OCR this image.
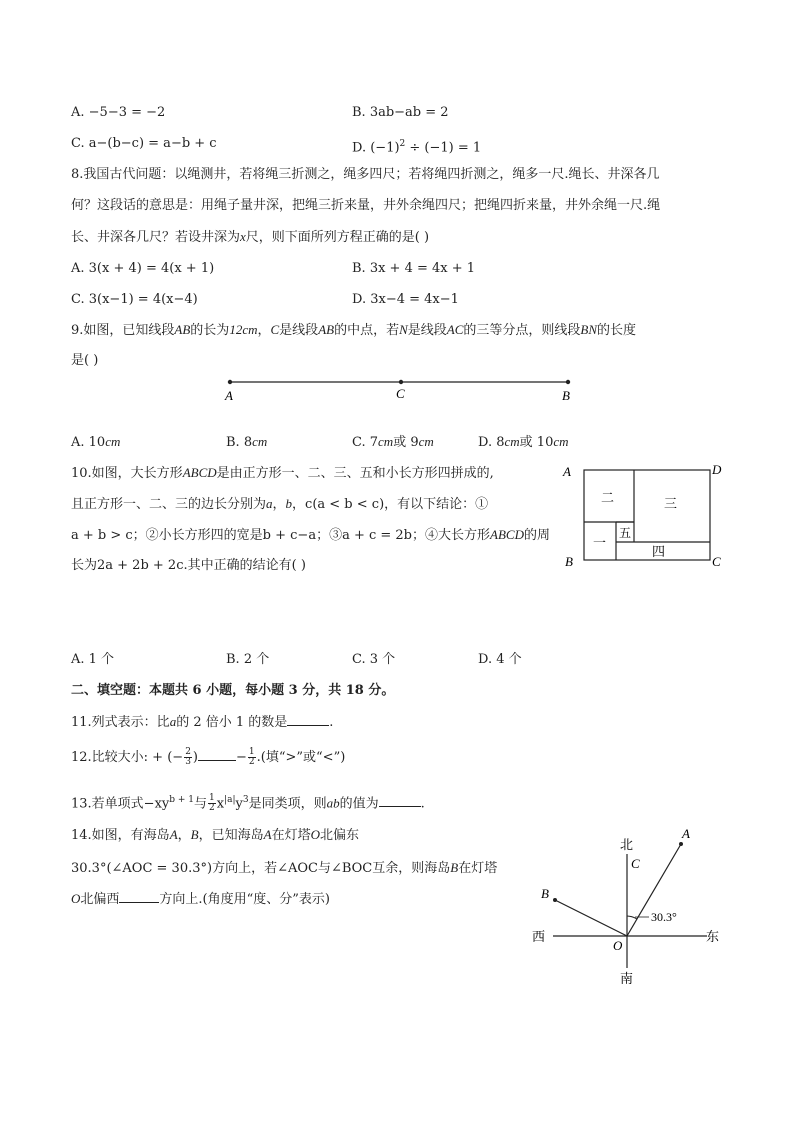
A. −5−3 = −2	B. 3ab−ab = 2
C. a−(b−c) = a−b + c	D. $(-1)^2 \div (-1) = 1$
8.我国古代问题：以绳测井，若将绳三折测之，绳多四尺；若将绳四折测之，绳多一尺.绳长、井深各几
何？这段话的意思是：用绳子量井深，把绳三折来量，井外余绳四尺；把绳四折来量，井外余绳一尺.绳
长、井深各几尺？若设井深为x尺，则下面所列方程正确的是( )
A. 3(x + 4) = 4(x + 1)	B. 3x + 4 = 4x + 1
C. 3(x−1) = 4(x−4)	D. 3x−4 = 4x−1
9.如图，已知线段AB的长为12cm，C是线段AB的中点，若N是线段AC的三等分点，则线段BN的长度
是( )
A	C	B
A. 10cm	B. 8cm	C. 7cm或 9cm	D. 8cm或 10cm
10.如图，大长方形ABCD是由正方形一、二、三、五和小长方形四拼成的,
且正方形一、二、三的边长分别为a，b，c(a < b < c)，有以下结论：①
a + b > c；②小长方形四的宽是b + c−a；③a + c = 2b；④大长方形ABCD的周
长为2a + 2b + 2c.其中正确的结论有( )
A	D
B	C
二	三
一
五
四
A. 1 个	B. 2 个	C. 3 个	D. 4 个
二、填空题：本题共 6 小题，每小题 3 分，共 18 分。
11.列式表示：比a的 2 倍小 1 的数是	.
12.比较大小: + (− $\frac{2}{3}$ )	− $\frac{1}{2}$ .(填“>”或“<”)
13.若单项式$-xy^{b + 1}$与 $\frac{1}{2} x^{|a|}y^3$是同类项，则ab的值为	.
14.如图，有海岛A，B，已知海岛A在灯塔O北偏东
30.3°(∠AOC = 30.3°)方向上，若∠AOC与∠BOC互余，则海岛B在灯塔
O北偏西	方向上.(角度用“度、分”表示)
北
南
西	东
A
B
C
O
30.3°
